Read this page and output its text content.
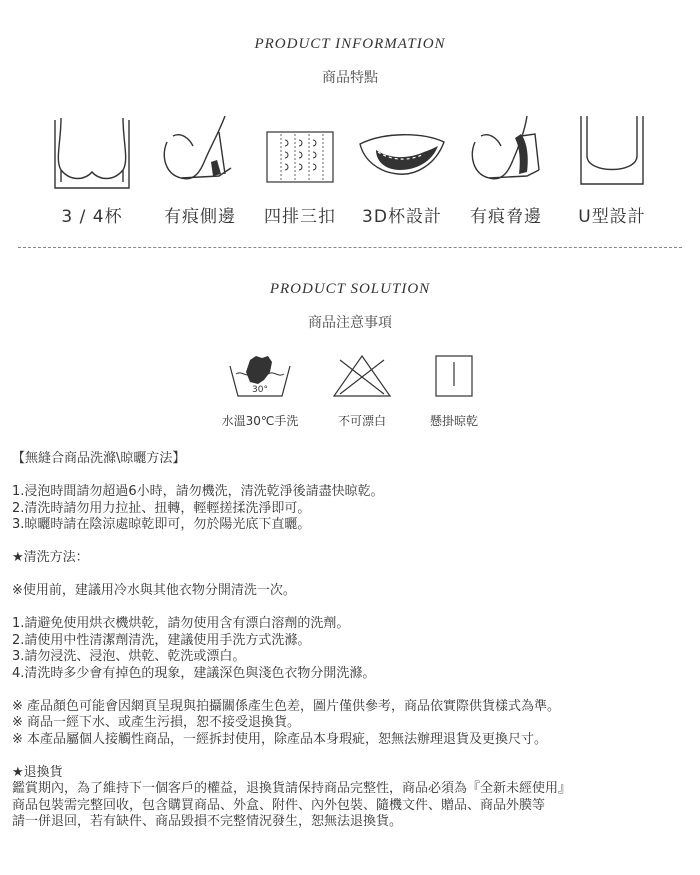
PRODUCT INFORMATION
商品特點
3 / 4杯	有痕側邊	四排三扣	3D杯設計	有痕脅邊	U型設計
PRODUCT SOLUTION
商品注意事項
30°
水溫30℃手洗	不可漂白	懸掛晾乾
【無縫合商品洗滌\晾曬方法】
1.浸泡時間請勿超過6小時，請勿機洗，清洗乾淨後請盡快晾乾。
2.清洗時請勿用力拉扯、扭轉，輕輕搓揉洗淨即可。
3.晾曬時請在陰涼處晾乾即可，勿於陽光底下直曬。
★清洗方法：
※使用前，建議用冷水與其他衣物分開清洗一次。
1.請避免使用烘衣機烘乾，請勿使用含有漂白溶劑的洗劑。
2.請使用中性清潔劑清洗，建議使用手洗方式洗滌。
3.請勿浸洗、浸泡、烘乾、乾洗或漂白。
4.清洗時多少會有掉色的現象，建議深色與淺色衣物分開洗滌。
※ 產品顏色可能會因網頁呈現與拍攝關係產生色差，圖片僅供參考，商品依實際供貨樣式為準。
※ 商品一經下水、或產生污損，恕不接受退換貨。
※ 本產品屬個人接觸性商品，一經拆封使用，除產品本身瑕疵，恕無法辦理退貨及更換尺寸。
★退換貨
鑑賞期內，為了維持下一個客戶的權益，退換貨請保持商品完整性，商品必須為『全新未經使用』
商品包裝需完整回收，包含購買商品、外盒、附件、內外包裝、隨機文件、贈品、商品外膜等
請一併退回，若有缺件、商品毀損不完整情況發生，恕無法退換貨。
